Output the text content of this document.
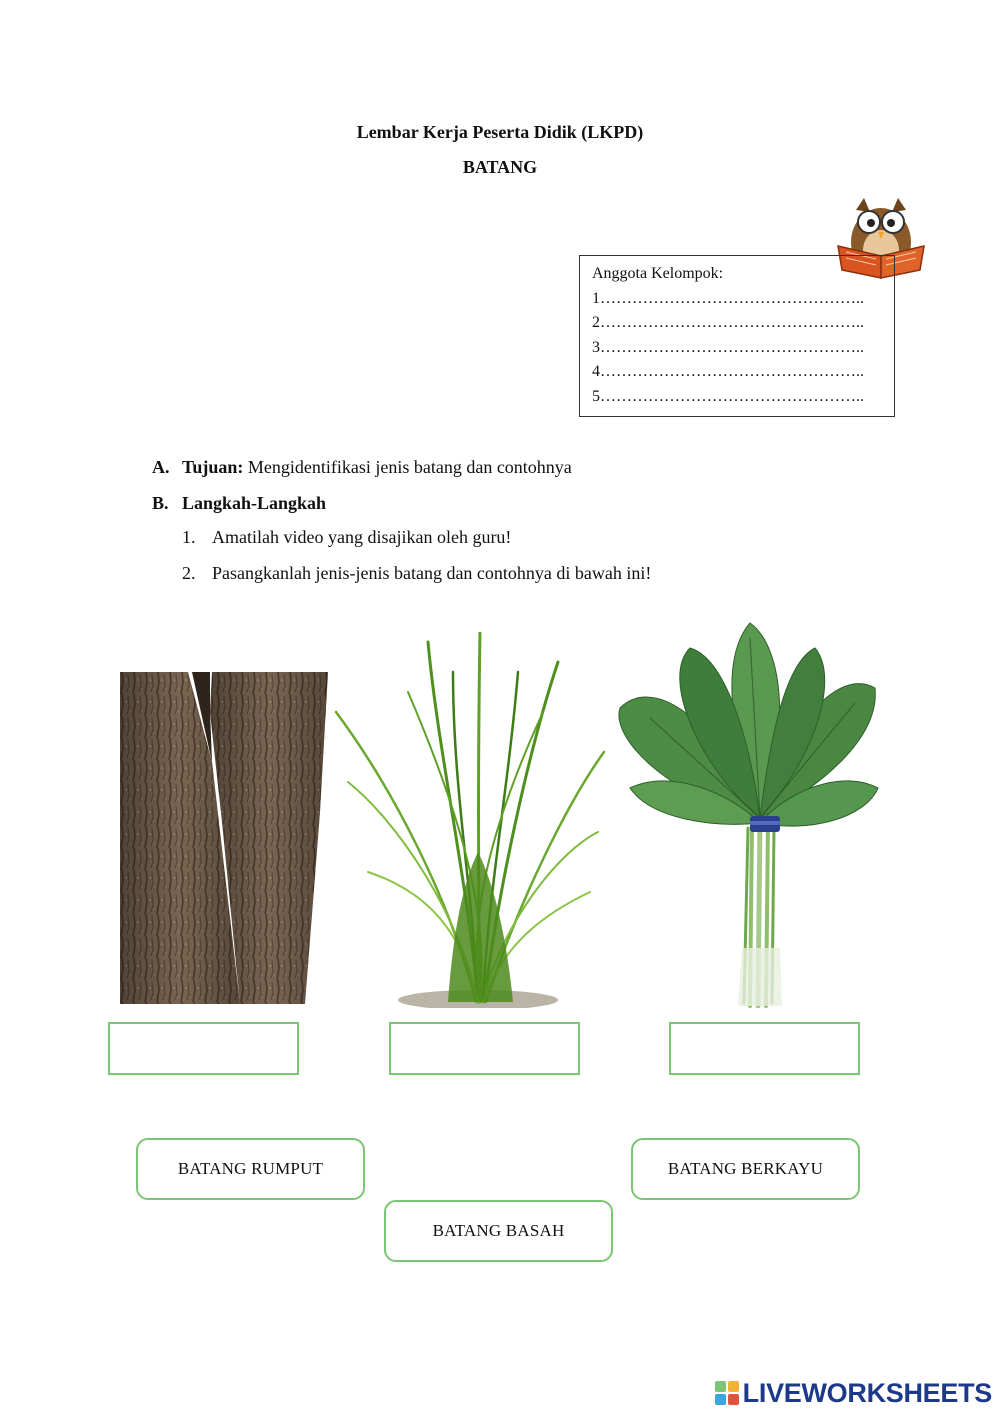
Lembar Kerja Peserta Didik (LKPD)
BATANG
Anggota Kelompok:
1…………………………………………..
2…………………………………………..
3…………………………………………..
4…………………………………………..
5…………………………………………..
A. Tujuan: Mengidentifikasi jenis batang dan contohnya
B. Langkah-Langkah
1. Amatilah video yang disajikan oleh guru!
2. Pasangkanlah jenis-jenis batang dan contohnya di bawah ini!
BATANG RUMPUT	BATANG BERKAYU
BATANG BASAH
LIVEWORKSHEETS
